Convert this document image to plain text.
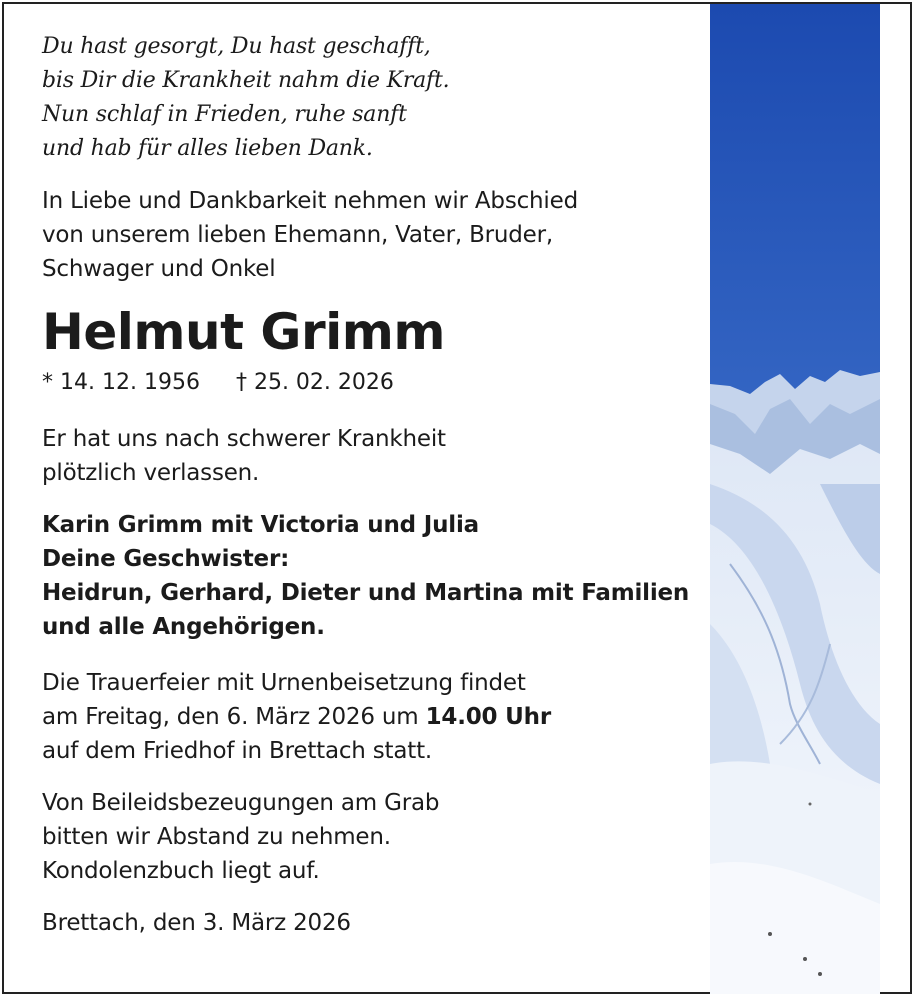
Du hast gesorgt, Du hast geschafft,
bis Dir die Krankheit nahm die Kraft.
Nun schlaf in Frieden, ruhe sanft
und hab für alles lieben Dank.
In Liebe und Dankbarkeit nehmen wir Abschied
von unserem lieben Ehemann, Vater, Bruder,
Schwager und Onkel
Helmut Grimm
* 14. 12. 1956 † 25. 02. 2026
Er hat uns nach schwerer Krankheit
plötzlich verlassen.
Karin Grimm mit Victoria und Julia
Deine Geschwister:
Heidrun, Gerhard, Dieter und Martina mit Familien
und alle Angehörigen.
Die Trauerfeier mit Urnenbeisetzung findet
am Freitag, den 6. März 2026 um 14.00 Uhr
auf dem Friedhof in Brettach statt.
Von Beileidsbezeugungen am Grab
bitten wir Abstand zu nehmen.
Kondolenzbuch liegt auf.
Brettach, den 3. März 2026
